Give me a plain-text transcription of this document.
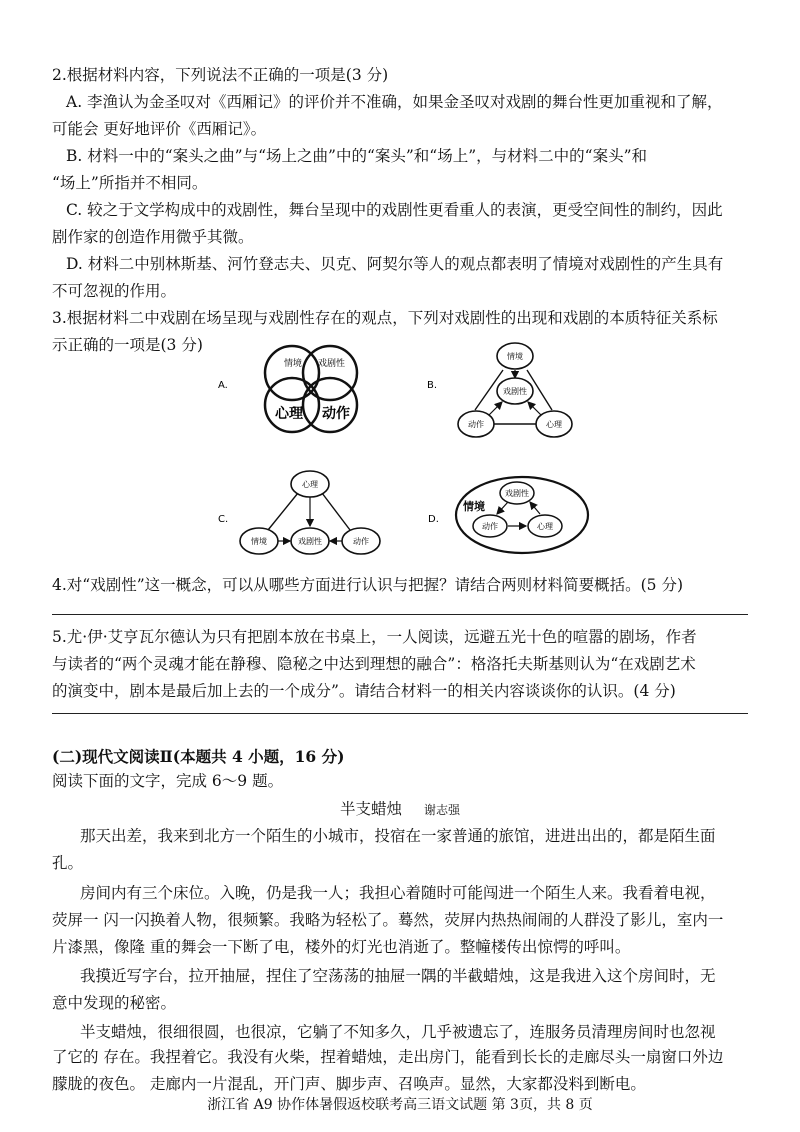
2.根据材料内容，下列说法不正确的一项是(3 分)

A. 李渔认为金圣叹对《西厢记》的评价并不准确，如果金圣叹对戏剧的舞台性更加重视和了解，

可能会 更好地评价《西厢记》。

B. 材料一中的“案头之曲”与“场上之曲”中的“案头”和“场上”，与材料二中的“案头”和

“场上”所指并不相同。

C. 较之于文学构成中的戏剧性，舞台呈现中的戏剧性更看重人的表演，更受空间性的制约，因此

剧作家的创造作用微乎其微。

D. 材料二中别林斯基、河竹登志夫、贝克、阿契尔等人的观点都表明了情境对戏剧性的产生具有

不可忽视的作用。

3.根据材料二中戏剧在场呈现与戏剧性存在的观点，下列对戏剧性的出现和戏剧的本质特征关系标

示正确的一项是(3 分)

A.
情境 戏剧性
心理 动作
B.
情境
戏剧性
动作	心理
C.
心理
情境	戏剧性	动作
D.
情境
戏剧性
动作	心理

4.对“戏剧性”这一概念，可以从哪些方面进行认识与把握？请结合两则材料简要概括。(5 分)

5.尤·伊·艾亨瓦尔德认为只有把剧本放在书桌上，一人阅读，远避五光十色的喧嚣的剧场，作者

与读者的“两个灵魂才能在静穆、隐秘之中达到理想的融合”：格洛托夫斯基则认为“在戏剧艺术

的演变中，剧本是最后加上去的一个成分”。请结合材料一的相关内容谈谈你的认识。(4 分)

(二)现代文阅读Ⅱ(本题共 4 小题，16 分)

阅读下面的文字，完成 6～9 题。

半支蜡烛 谢志强

那天出差，我来到北方一个陌生的小城市，投宿在一家普通的旅馆，进进出出的，都是陌生面

孔。

房间内有三个床位。入晚，仍是我一人；我担心着随时可能闯进一个陌生人来。我看着电视，

荧屏一 闪一闪换着人物，很频繁。我略为轻松了。蓦然，荧屏内热热闹闹的人群没了影儿，室内一

片漆黑，像隆 重的舞会一下断了电，楼外的灯光也消逝了。整幢楼传出惊愕的呼叫。

我摸近写字台，拉开抽屉，捏住了空荡荡的抽屉一隅的半截蜡烛，这是我进入这个房间时，无

意中发现的秘密。

半支蜡烛，很细很圆，也很凉，它躺了不知多久，几乎被遗忘了，连服务员清理房间时也忽视

了它的 存在。我捏着它。我没有火柴，捏着蜡烛，走出房门，能看到长长的走廊尽头一扇窗口外边
朦胧的夜色。 走廊内一片混乱，开门声、脚步声、召唤声。显然，大家都没料到断电。

浙江省 A9 协作体暑假返校联考高三语文试题 第 3页，共 8 页
